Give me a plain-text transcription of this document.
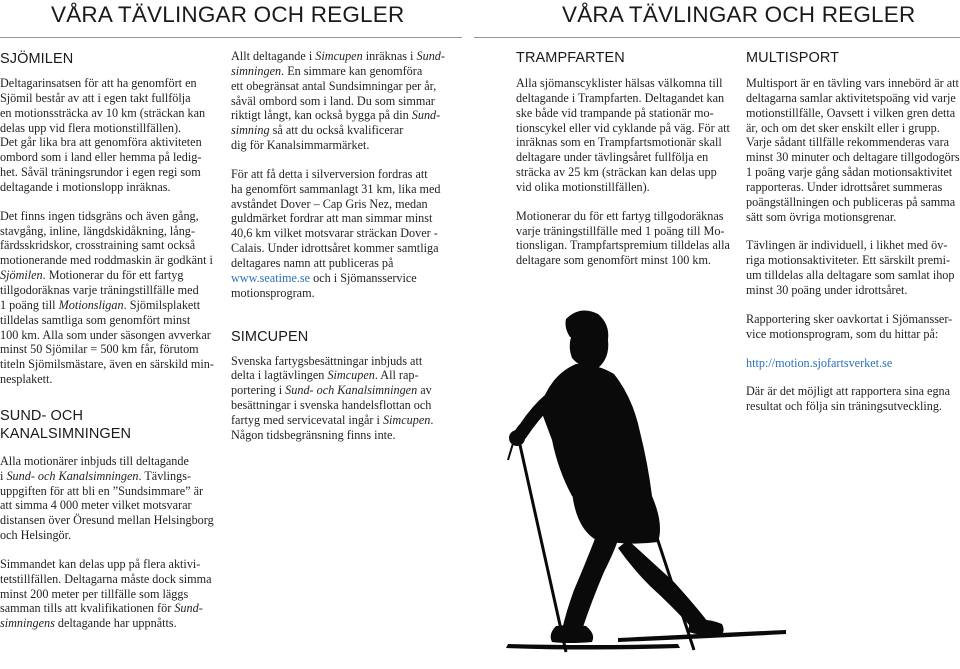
VÅRA TÄVLINGAR OCH REGLER	VÅRA TÄVLINGAR OCH REGLER
SJÖMILEN

Deltagarinsatsen för att ha genomfört en
Sjömil består av att i egen takt fullfölja
en motionssträcka av 10 km (sträckan kan
delas upp vid flera motionstillfällen).
Det går lika bra att genomföra aktiviteten
ombord som i land eller hemma på ledig-
het. Såväl träningsrundor i egen regi som
deltagande i motionslopp inräknas.

Det finns ingen tidsgräns och även gång,
stavgång, inline, längdskidåkning, lång-
färdsskridskor, crosstraining samt också
motionerande med roddmaskin är godkänt i
Sjömilen. Motionerar du för ett fartyg
tillgodoräknas varje träningstillfälle med
1 poäng till Motionsligan. Sjömilsplakett
tilldelas samtliga som genomfört minst
100 km. Alla som under säsongen avverkar
minst 50 Sjömilar = 500 km får, förutom
titeln Sjömilsmästare, även en särskild min-
nesplakett.

SUND- OCH
KANALSIMNINGEN

Alla motionärer inbjuds till deltagande
i Sund- och Kanalsimningen. Tävlings-
uppgiften för att bli en ”Sundsimmare” är
att simma 4 000 meter vilket motsvarar
distansen över Öresund mellan Helsingborg
och Helsingör.

Simmandet kan delas upp på flera aktivi-
tetstillfällen. Deltagarna måste dock simma
minst 200 meter per tillfälle som läggs
samman tills att kvalifikationen för Sund-
simningens deltagande har uppnåtts.

Allt deltagande i Simcupen inräknas i Sund-
simningen. En simmare kan genomföra
ett obegränsat antal Sundsimningar per år,
såväl ombord som i land. Du som simmar
riktigt långt, kan också bygga på din Sund-
simning så att du också kvalificerar
dig för Kanalsimmarmärket.

För att få detta i silverversion fordras att
ha genomfört sammanlagt 31 km, lika med
avståndet Dover – Cap Gris Nez, medan
guldmärket fordrar att man simmar minst
40,6 km vilket motsvarar sträckan Dover -
Calais. Under idrottsåret kommer samtliga
deltagares namn att publiceras på
www.seatime.se och i Sjömansservice
motionsprogram.

SIMCUPEN

Svenska fartygsbesättningar inbjuds att
delta i lagtävlingen Simcupen. All rap-
portering i Sund- och Kanalsimningen av
besättningar i svenska handelsflottan och
fartyg med servicevatal ingår i Simcupen.
Någon tidsbegränsning finns inte.

TRAMPFARTEN

Alla sjömanscyklister hälsas välkomna till
deltagande i Trampfarten. Deltagandet kan
ske både vid trampande på stationär mo-
tionscykel eller vid cyklande på väg. För att
inräknas som en Trampfartsmotionär skall
deltagare under tävlingsåret fullfölja en
sträcka av 25 km (sträckan kan delas upp
vid olika motionstillfällen).

Motionerar du för ett fartyg tillgodoräknas
varje träningstillfälle med 1 poäng till Mo-
tionsligan. Trampfartspremium tilldelas alla
deltagare som genomfört minst 100 km.

MULTISPORT

Multisport är en tävling vars innebörd är att
deltagarna samlar aktivitetspoäng vid varje
motionstillfälle, Oavsett i vilken gren detta
är, och om det sker enskilt eller i grupp.
Varje sådant tillfälle rekommenderas vara
minst 30 minuter och deltagare tillgodogörs
1 poäng varje gång sådan motionsaktivitet
rapporteras. Under idrottsåret summeras
poängställningen och publiceras på samma
sätt som övriga motionsgrenar.

Tävlingen är individuell, i likhet med öv-
riga motionsaktiviteter. Ett särskilt premi-
um tilldelas alla deltagare som samlat ihop
minst 30 poäng under idrottsåret.

Rapportering sker oavkortat i Sjömansser-
vice motionsprogram, som du hittar på:

http://motion.sjofartsverket.se

Där är det möjligt att rapportera sina egna
resultat och följa sin träningsutveckling.
